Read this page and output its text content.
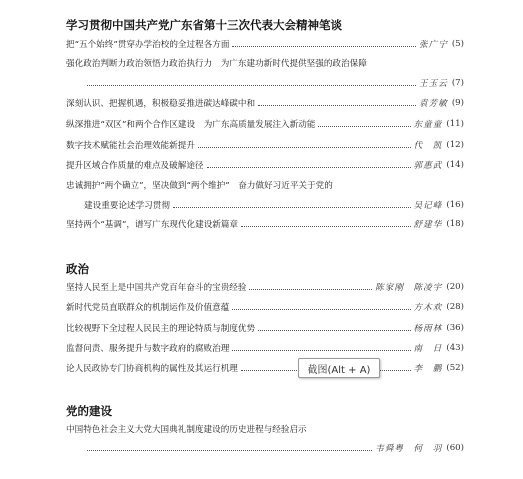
学习贯彻中国共产党广东省第十三次代表大会精神笔谈
把“五个始终”贯穿办学治校的全过程各方面	张广宁 (5)
强化政治判断力政治领悟力政治执行力　为广东建功新时代提供坚强的政治保障
王玉云 (7)
深刻认识、把握机遇，积极稳妥推进碳达峰碳中和	袁芳敏 (9)
纵深推进“双区”和两个合作区建设　为广东高质量发展注入新动能	东童童 (11)
数字技术赋能社会治理效能新提升	代　凯 (12)
提升区域合作质量的难点及破解途径	郭惠武 (14)
忠诚拥护“两个确立”，坚决做到“两个维护”　奋力做好习近平关于党的
建设重要论述学习贯彻	吴记峰 (16)
坚持两个“基调”，谱写广东现代化建设新篇章	舒建华 (18)
政治
坚持人民至上是中国共产党百年奋斗的宝贵经验	陈家刚　陈凌宇 (20)
新时代党员直联群众的机制运作及价值意蕴	方木欢 (28)
比较视野下全过程人民民主的理论特质与制度优势	杨雨林 (36)
监督问责、服务提升与数字政府的腐败治理	南　日 (43)
论人民政协专门协商机构的属性及其运行机理	李　鹏 (52)
党的建设
中国特色社会主义大党大国典礼制度建设的历史进程与经验启示
韦舜粤　何　羽 (60)
截图(Alt + A)
